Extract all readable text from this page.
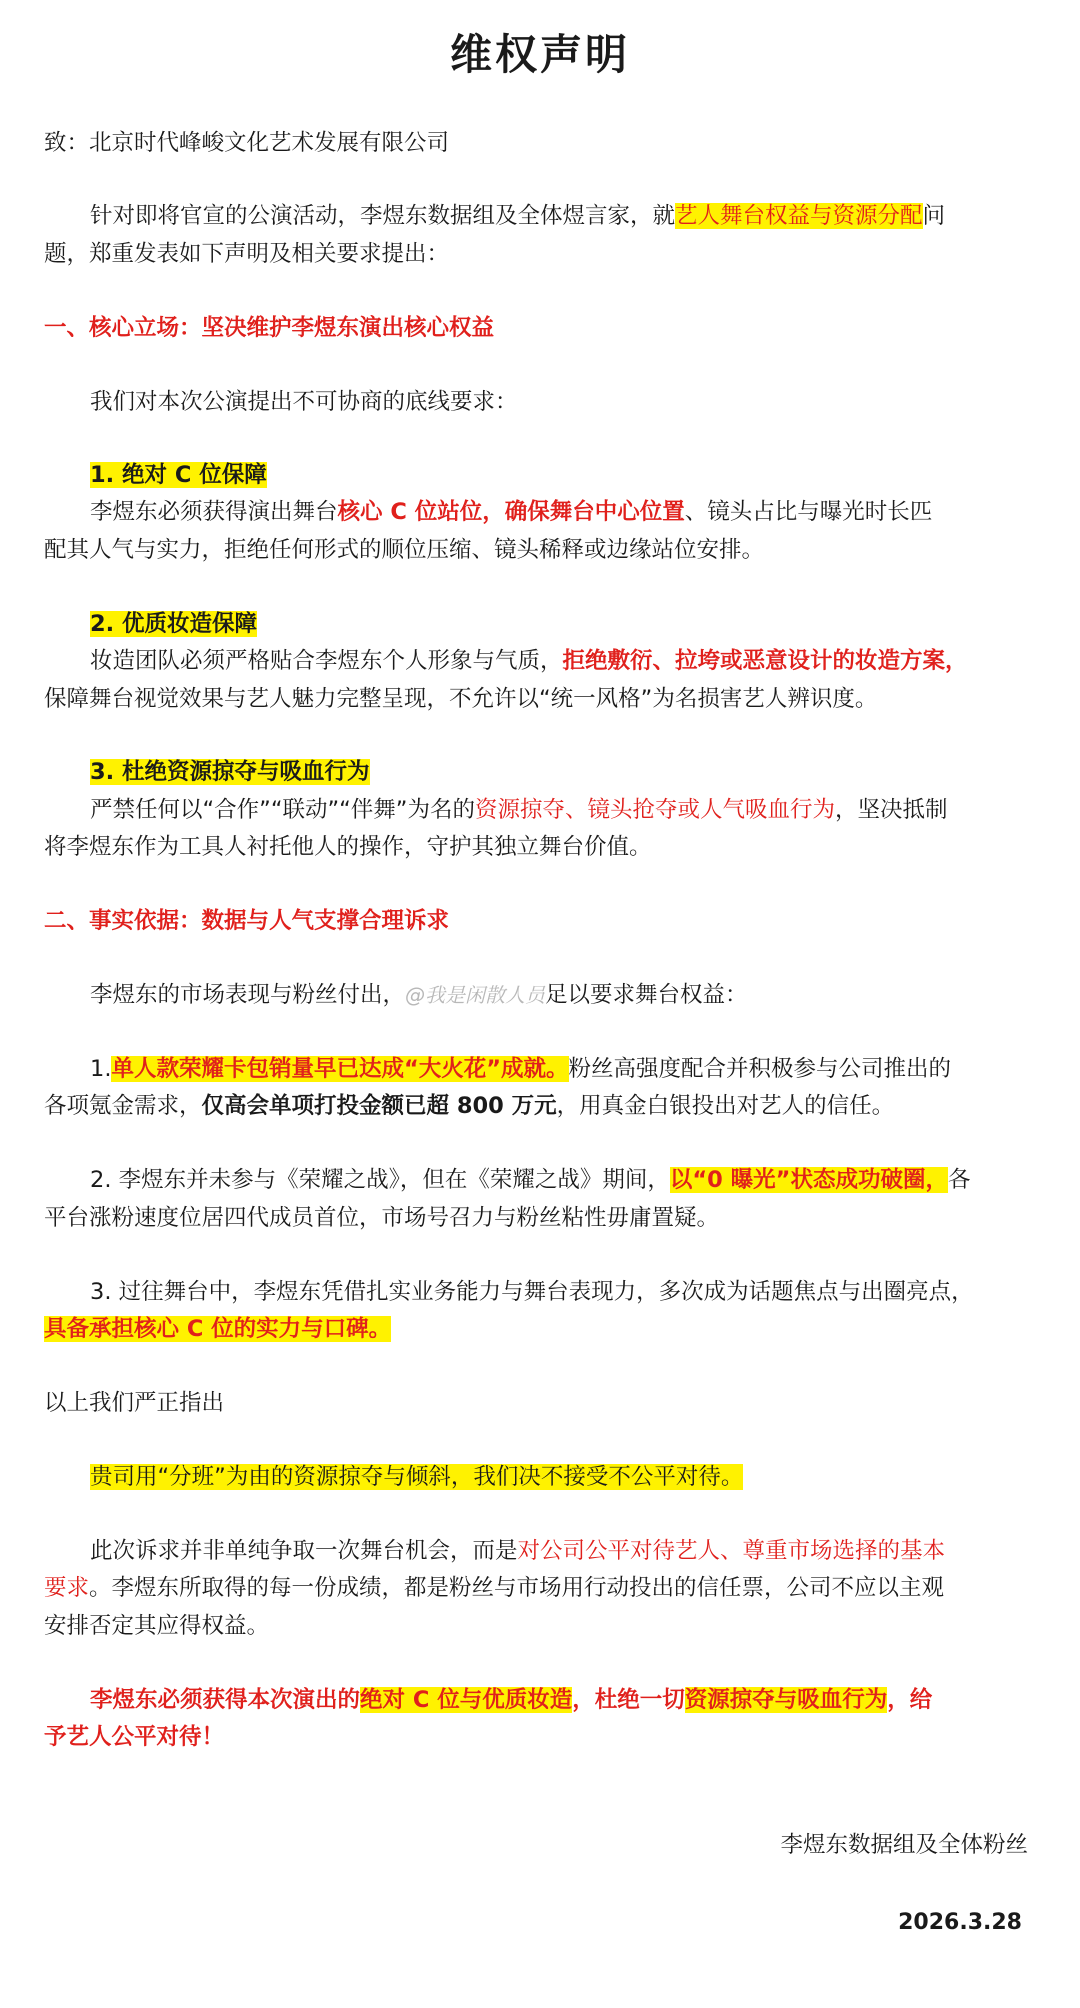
维权声明
致：北京时代峰峻文化艺术发展有限公司
针对即将官宣的公演活动，李煜东数据组及全体煜言家，就艺人舞台权益与资源分配问
题，郑重发表如下声明及相关要求提出：
一、核心立场：坚决维护李煜东演出核心权益
我们对本次公演提出不可协商的底线要求：
1. 绝对 C 位保障
李煜东必须获得演出舞台核心 C 位站位，确保舞台中心位置、镜头占比与曝光时长匹
配其人气与实力，拒绝任何形式的顺位压缩、镜头稀释或边缘站位安排。
2. 优质妆造保障
妆造团队必须严格贴合李煜东个人形象与气质，拒绝敷衍、拉垮或恶意设计的妆造方案，
保障舞台视觉效果与艺人魅力完整呈现，不允许以“统一风格”为名损害艺人辨识度。
3. 杜绝资源掠夺与吸血行为
严禁任何以“合作”“联动”“伴舞”为名的资源掠夺、镜头抢夺或人气吸血行为，坚决抵制
将李煜东作为工具人衬托他人的操作，守护其独立舞台价值。
二、事实依据：数据与人气支撑合理诉求
李煜东的市场表现与粉丝付出，@我是闲散人员足以要求舞台权益：
1.单人款荣耀卡包销量早已达成“大火花”成就。粉丝高强度配合并积极参与公司推出的
各项氪金需求，仅高会单项打投金额已超 800 万元，用真金白银投出对艺人的信任。
2. 李煜东并未参与《荣耀之战》，但在《荣耀之战》期间，以“0 曝光”状态成功破圈，各
平台涨粉速度位居四代成员首位，市场号召力与粉丝粘性毋庸置疑。
3. 过往舞台中，李煜东凭借扎实业务能力与舞台表现力，多次成为话题焦点与出圈亮点，
具备承担核心 C 位的实力与口碑。
以上我们严正指出
贵司用“分班”为由的资源掠夺与倾斜，我们决不接受不公平对待。
此次诉求并非单纯争取一次舞台机会，而是对公司公平对待艺人、尊重市场选择的基本
要求。李煜东所取得的每一份成绩，都是粉丝与市场用行动投出的信任票，公司不应以主观
安排否定其应得权益。
李煜东必须获得本次演出的绝对 C 位与优质妆造，杜绝一切资源掠夺与吸血行为，给
予艺人公平对待！
李煜东数据组及全体粉丝
2026.3.28
